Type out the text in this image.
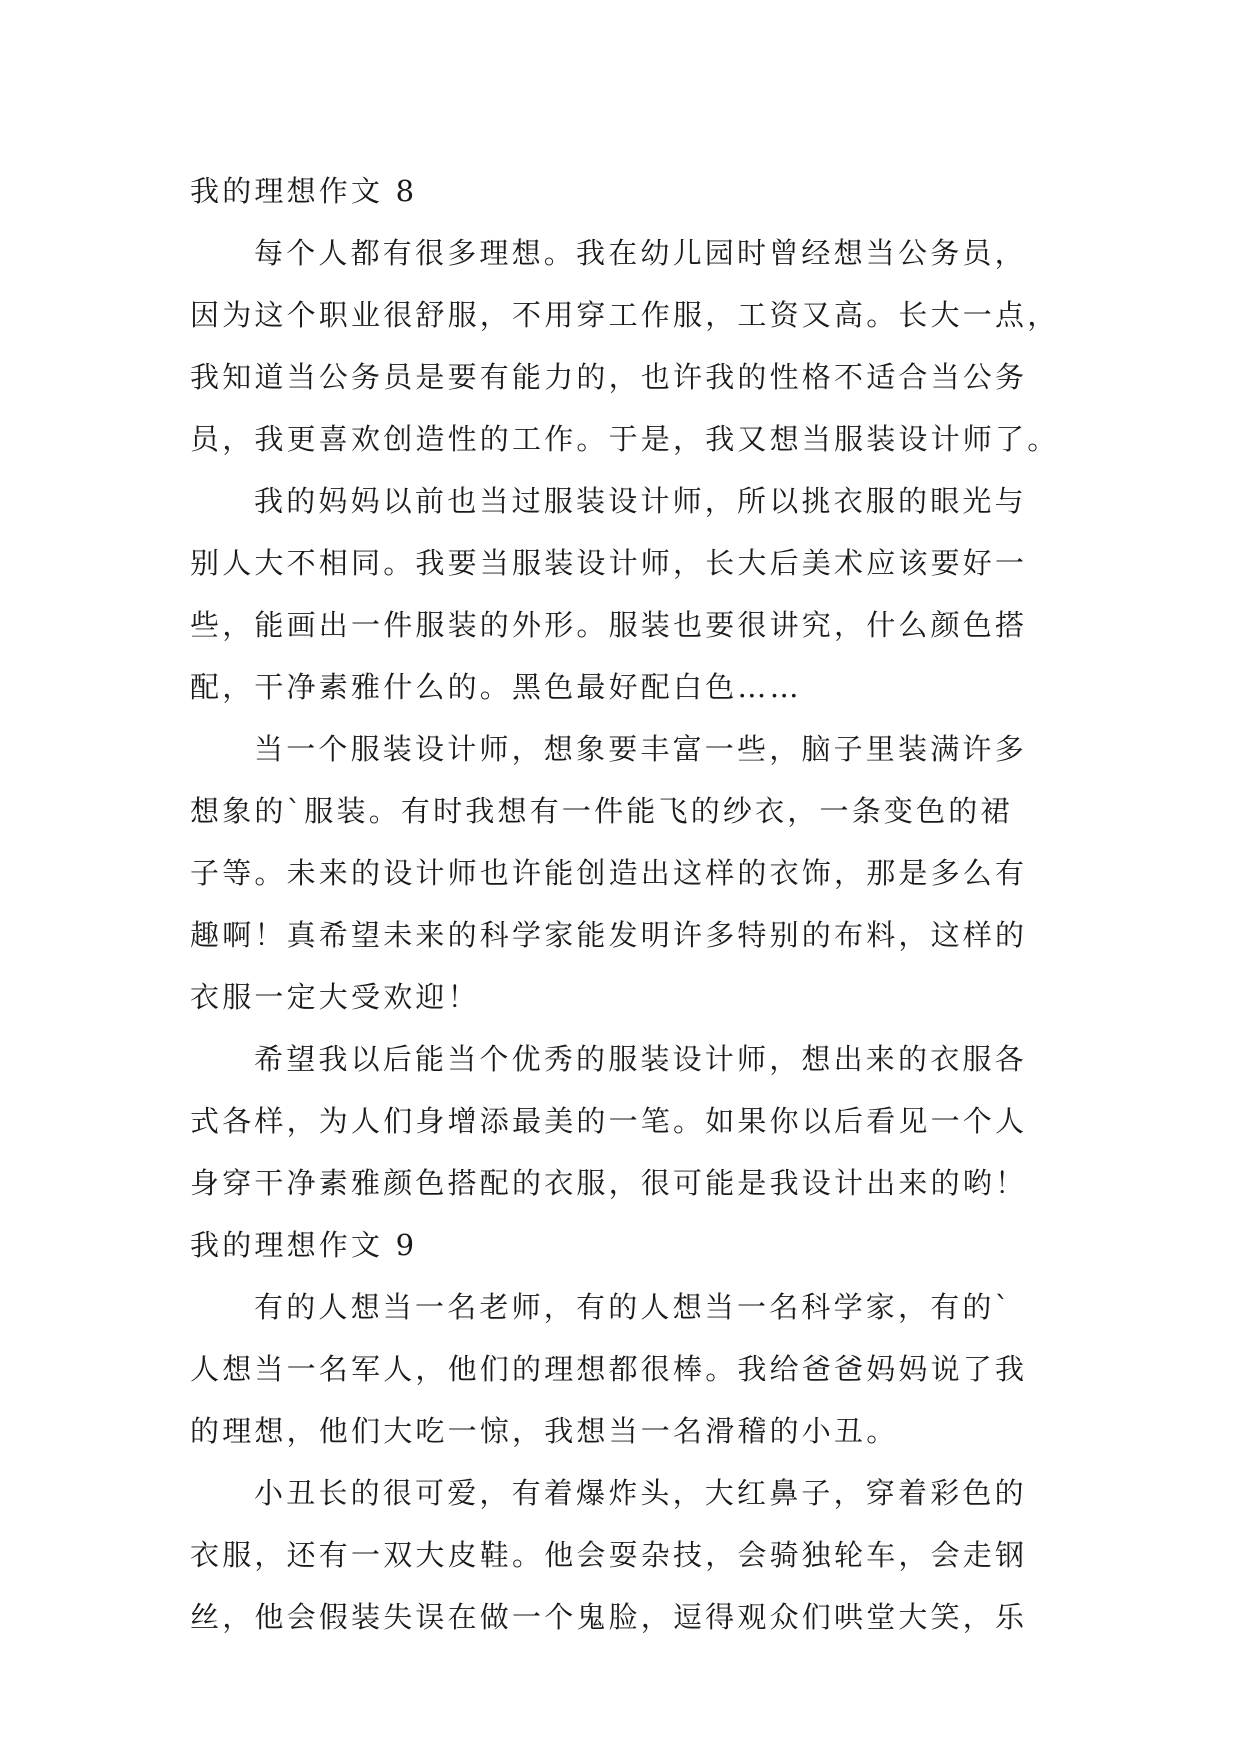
我的理想作文 8
每个人都有很多理想。我在幼儿园时曾经想当公务员，
因为这个职业很舒服，不用穿工作服，工资又高。长大一点，
我知道当公务员是要有能力的，也许我的性格不适合当公务
员，我更喜欢创造性的工作。于是，我又想当服装设计师了。
我的妈妈以前也当过服装设计师，所以挑衣服的眼光与
别人大不相同。我要当服装设计师，长大后美术应该要好一
些，能画出一件服装的外形。服装也要很讲究，什么颜色搭
配，干净素雅什么的。黑色最好配白色……
当一个服装设计师，想象要丰富一些，脑子里装满许多
想象的`服装。有时我想有一件能飞的纱衣，一条变色的裙
子等。未来的设计师也许能创造出这样的衣饰，那是多么有
趣啊！真希望未来的科学家能发明许多特别的布料，这样的
衣服一定大受欢迎！
希望我以后能当个优秀的服装设计师，想出来的衣服各
式各样，为人们身增添最美的一笔。如果你以后看见一个人
身穿干净素雅颜色搭配的衣服，很可能是我设计出来的哟！
我的理想作文 9
有的人想当一名老师，有的人想当一名科学家，有的`
人想当一名军人，他们的理想都很棒。我给爸爸妈妈说了我
的理想，他们大吃一惊，我想当一名滑稽的小丑。
小丑长的很可爱，有着爆炸头，大红鼻子，穿着彩色的
衣服，还有一双大皮鞋。他会耍杂技，会骑独轮车，会走钢
丝，他会假装失误在做一个鬼脸，逗得观众们哄堂大笑，乐
